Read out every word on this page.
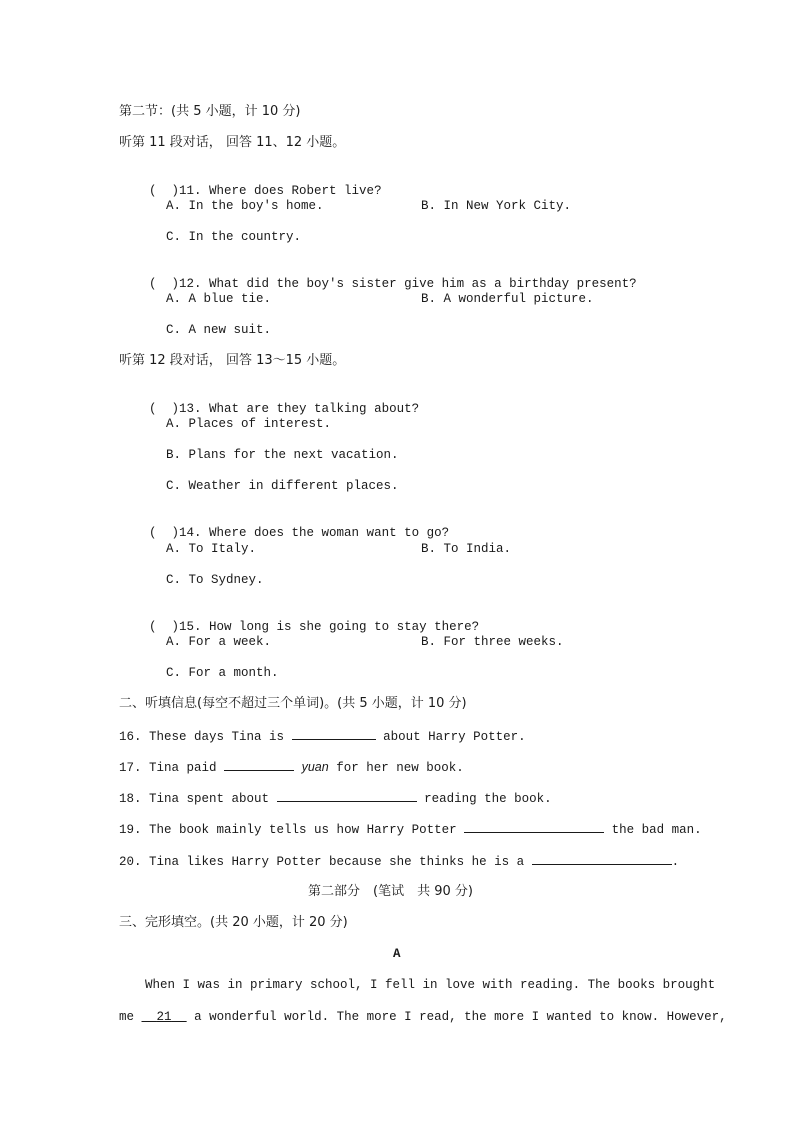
第二节：(共 5 小题，计 10 分)
听第 11 段对话， 回答 11、12 小题。

(  )11. Where does Robert live?

A. In the boy's home.	B. In New York City.
C. In the country.

(  )12. What did the boy's sister give him as a birthday present?

A. A blue tie.	B. A wonderful picture.
C. A new suit.
听第 12 段对话， 回答 13～15 小题。

(  )13. What are they talking about?

A. Places of interest.
B. Plans for the next vacation.
C. Weather in different places.

(  )14. Where does the woman want to go?

A. To Italy.	B. To India.
C. To Sydney.

(  )15. How long is she going to stay there?

A. For a week.	B. For three weeks.
C. For a month.
二、听填信息(每空不超过三个单词)。(共 5 小题，计 10 分)
16. These days Tina is	about Harry Potter.
17. Tina paid	yuan for her new book.
18. Tina spent about	reading the book.
19. The book mainly tells us how Harry Potter	the bad man.
20. Tina likes Harry Potter because she thinks he is a	.
第二部分　(笔试　共 90 分)
三、完形填空。(共 20 小题，计 20 分)
A
When I was in primary school, I fell in love with reading. The books brought
me __21__ a wonderful world. The more I read, the more I wanted to know. However,
